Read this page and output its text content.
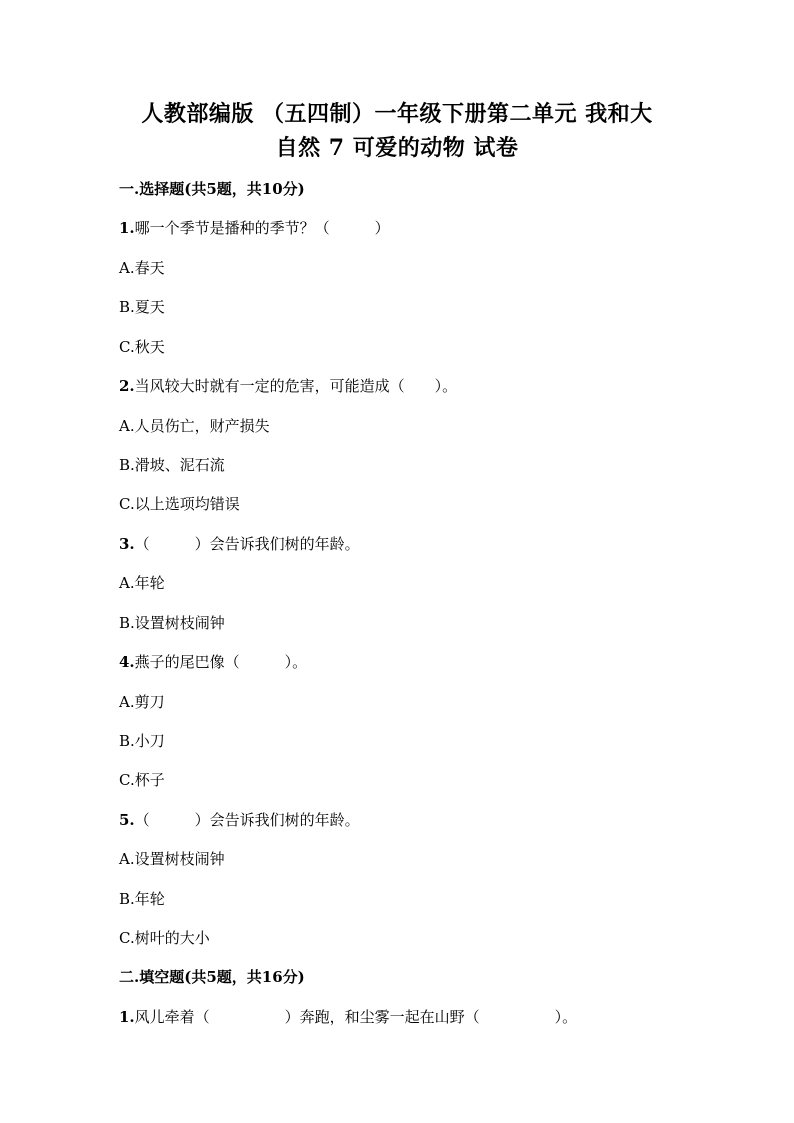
人教部编版 （五四制）一年级下册第二单元 我和大
自然 7 可爱的动物 试卷
一.选择题(共5题，共10分)
1.哪一个季节是播种的季节？（　　　）
A.春天
B.夏天
C.秋天
2.当风较大时就有一定的危害，可能造成（　　）。
A.人员伤亡，财产损失
B.滑坡、泥石流
C.以上选项均错误
3.（　　　）会告诉我们树的年龄。
A.年轮
B.设置树枝闹钟
4.燕子的尾巴像（　　　）。
A.剪刀
B.小刀
C.杯子
5.（　　　）会告诉我们树的年龄。
A.设置树枝闹钟
B.年轮
C.树叶的大小
二.填空题(共5题，共16分)
1.风儿牵着（　　　　　）奔跑，和尘雾一起在山野（　　　　　）。
